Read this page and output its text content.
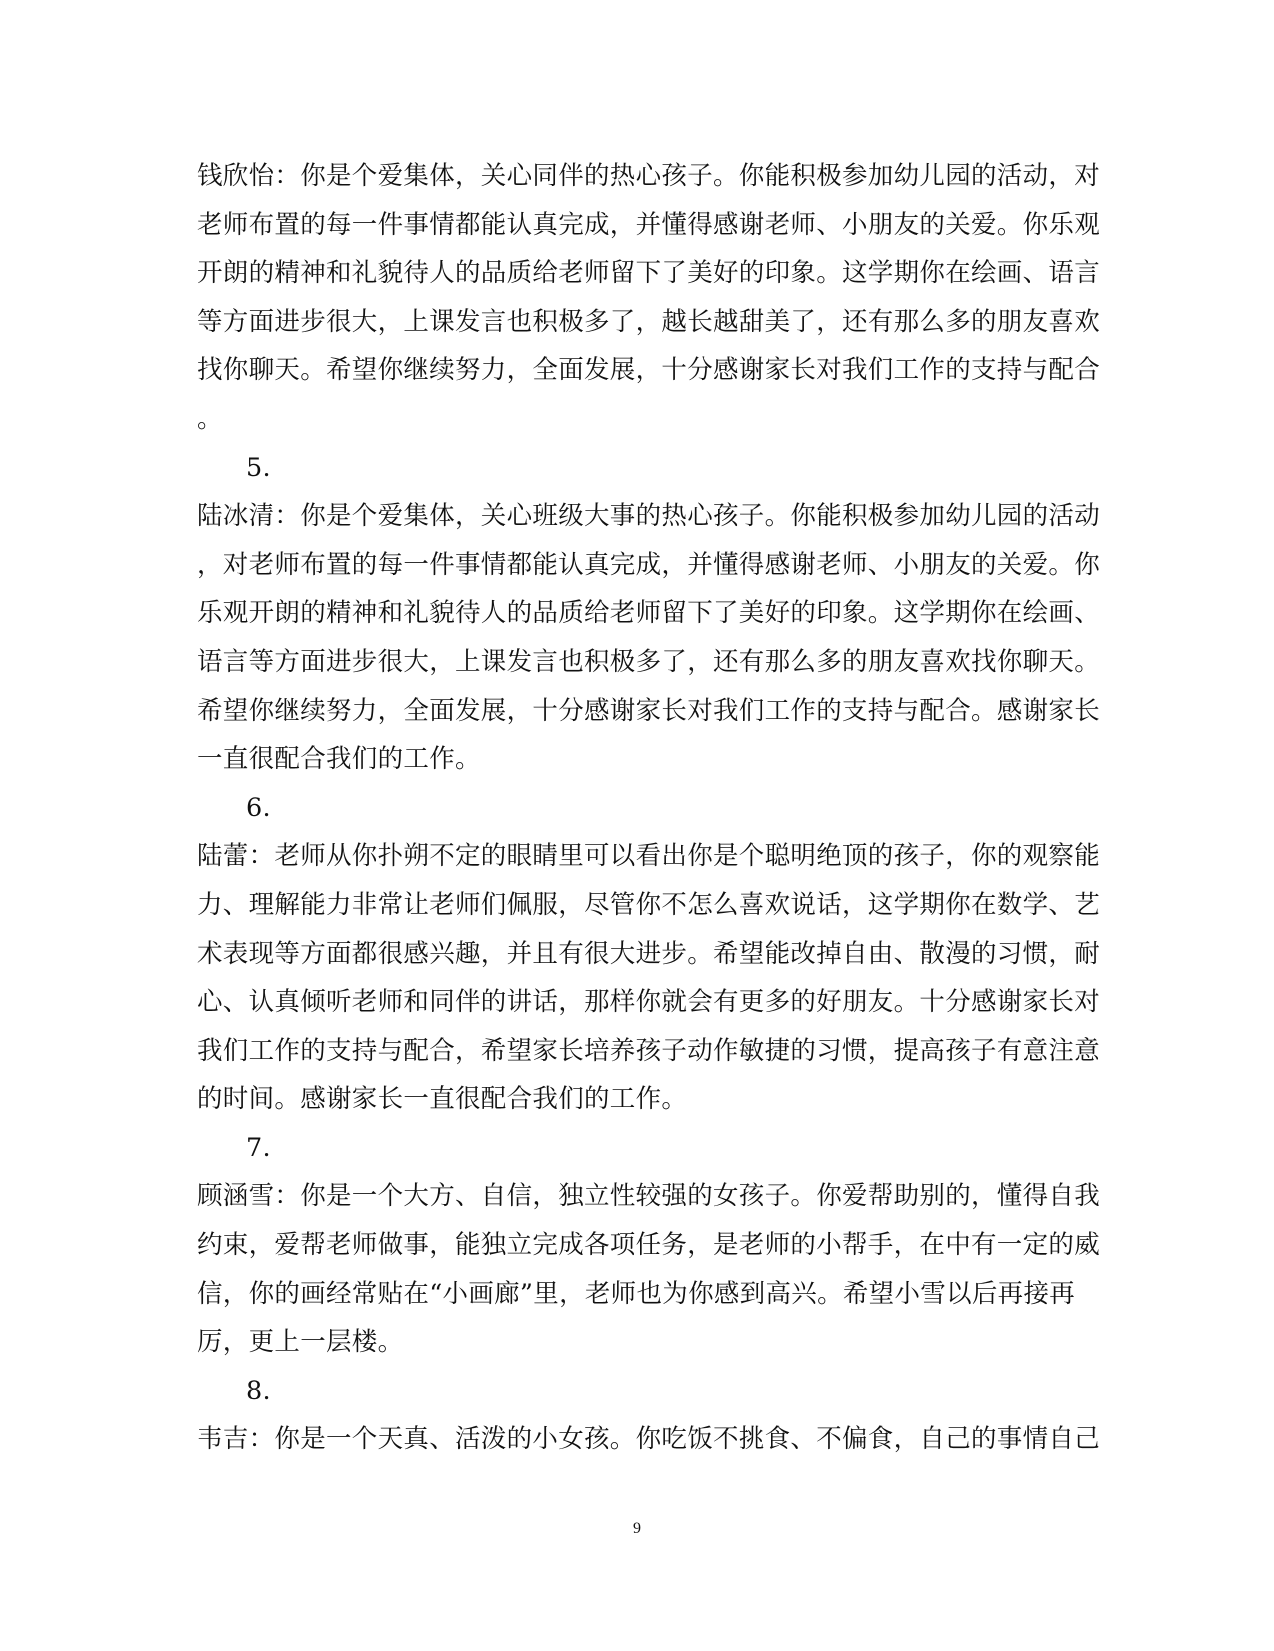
钱欣怡：你是个爱集体，关心同伴的热心孩子。你能积极参加幼儿园的活动，对
老师布置的每一件事情都能认真完成，并懂得感谢老师、小朋友的关爱。你乐观
开朗的精神和礼貌待人的品质给老师留下了美好的印象。这学期你在绘画、语言
等方面进步很大，上课发言也积极多了，越长越甜美了，还有那么多的朋友喜欢
找你聊天。希望你继续努力，全面发展，十分感谢家长对我们工作的支持与配合
。
5.
陆冰清：你是个爱集体，关心班级大事的热心孩子。你能积极参加幼儿园的活动
，对老师布置的每一件事情都能认真完成，并懂得感谢老师、小朋友的关爱。你
乐观开朗的精神和礼貌待人的品质给老师留下了美好的印象。这学期你在绘画、
语言等方面进步很大，上课发言也积极多了，还有那么多的朋友喜欢找你聊天。
希望你继续努力，全面发展，十分感谢家长对我们工作的支持与配合。感谢家长
一直很配合我们的工作。
6.
陆蕾：老师从你扑朔不定的眼睛里可以看出你是个聪明绝顶的孩子，你的观察能
力、理解能力非常让老师们佩服，尽管你不怎么喜欢说话，这学期你在数学、艺
术表现等方面都很感兴趣，并且有很大进步。希望能改掉自由、散漫的习惯，耐
心、认真倾听老师和同伴的讲话，那样你就会有更多的好朋友。十分感谢家长对
我们工作的支持与配合，希望家长培养孩子动作敏捷的习惯，提高孩子有意注意
的时间。感谢家长一直很配合我们的工作。
7.
顾涵雪：你是一个大方、自信，独立性较强的女孩子。你爱帮助别的，懂得自我
约束，爱帮老师做事，能独立完成各项任务，是老师的小帮手，在中有一定的威
信，你的画经常贴在“小画廊”里，老师也为你感到高兴。希望小雪以后再接再
厉，更上一层楼。
8.
韦吉：你是一个天真、活泼的小女孩。你吃饭不挑食、不偏食，自己的事情自己
9
